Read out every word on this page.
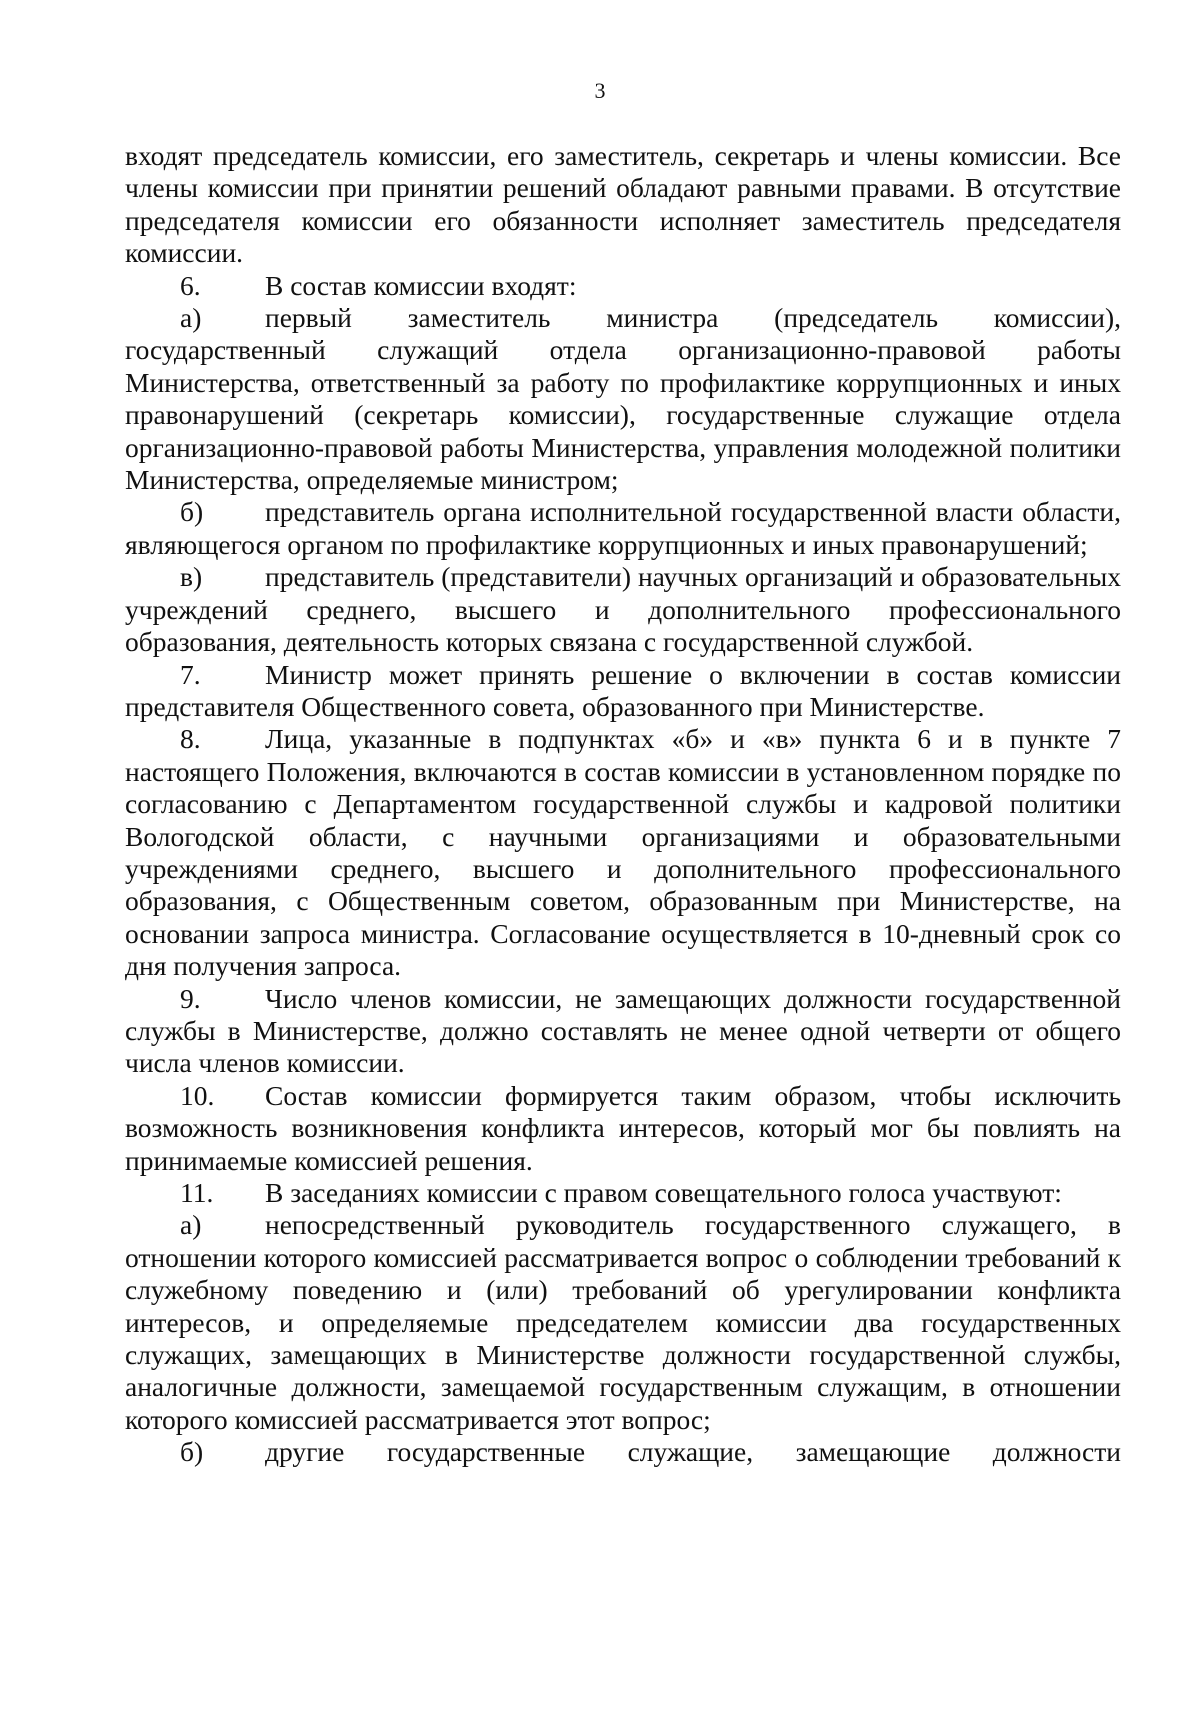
3

входят председатель комиссии, его заместитель, секретарь и члены комиссии. Все члены комиссии при принятии решений обладают равными правами. В отсутствие председателя комиссии его обязанности исполняет заместитель председателя комиссии.

6. В состав комиссии входят:

а) первый заместитель министра (председатель комиссии), государственный служащий отдела организационно-правовой работы Министерства, ответственный за работу по профилактике коррупционных и иных правонарушений (секретарь комиссии), государственные служащие отдела организационно-правовой работы Министерства, управления молодежной политики Министерства, определяемые министром;

б) представитель органа исполнительной государственной власти области, являющегося органом по профилактике коррупционных и иных правонарушений;

в) представитель (представители) научных организаций и образовательных учреждений среднего, высшего и дополнительного профессионального образования, деятельность которых связана с государственной службой.

7. Министр может принять решение о включении в состав комиссии представителя Общественного совета, образованного при Министерстве.

8. Лица, указанные в подпунктах «б» и «в» пункта 6 и в пункте 7 настоящего Положения, включаются в состав комиссии в установленном порядке по согласованию с Департаментом государственной службы и кадровой политики Вологодской области, с научными организациями и образовательными учреждениями среднего, высшего и дополнительного профессионального образования, с Общественным советом, образованным при Министерстве, на основании запроса министра. Согласование осуществляется в 10-дневный срок со дня получения запроса.

9. Число членов комиссии, не замещающих должности государственной службы в Министерстве, должно составлять не менее одной четверти от общего числа членов комиссии.

10. Состав комиссии формируется таким образом, чтобы исключить возможность возникновения конфликта интересов, который мог бы повлиять на принимаемые комиссией решения.

11. В заседаниях комиссии с правом совещательного голоса участвуют:

а) непосредственный руководитель государственного служащего, в отношении которого комиссией рассматривается вопрос о соблюдении требований к служебному поведению и (или) требований об урегулировании конфликта интересов, и определяемые председателем комиссии два государственных служащих, замещающих в Министерстве должности государственной службы, аналогичные должности, замещаемой государственным служащим, в отношении которого комиссией рассматривается этот вопрос;

б) другие государственные служащие, замещающие должности
